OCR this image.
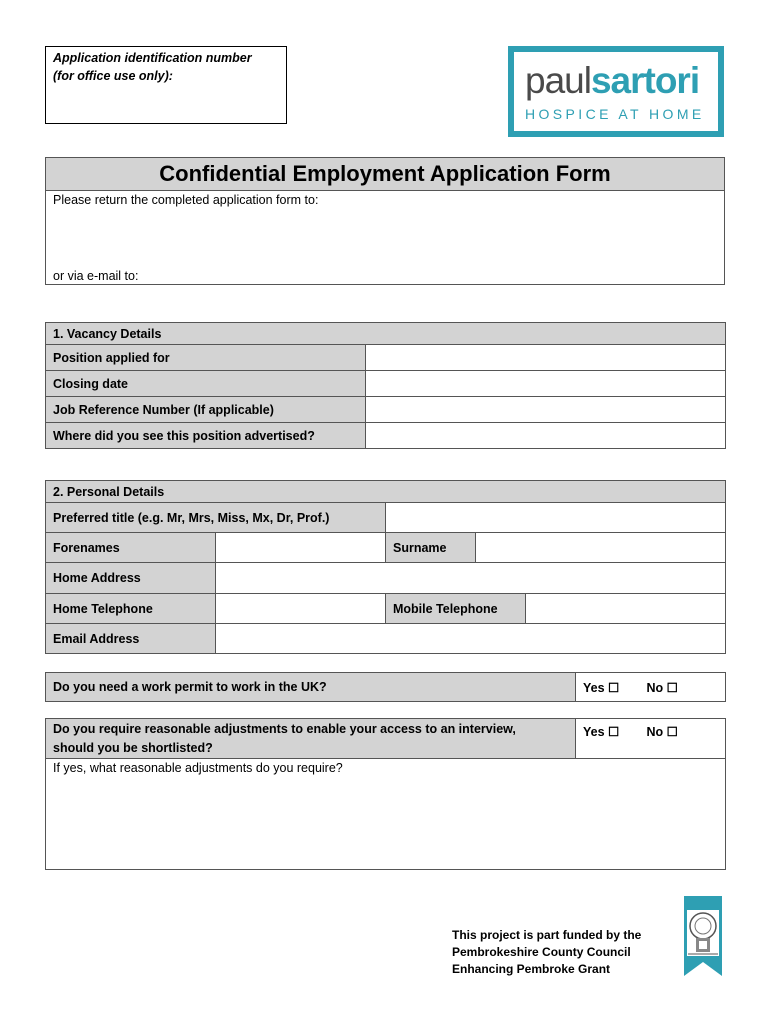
Application identification number
(for office use only):	paulsartori
HOSPICE AT HOME
Confidential Employment Application Form
Please return the completed application form to:
or via e-mail to:
1. Vacancy Details	
Position applied for	
Closing date	
Job Reference Number (If applicable)	
Where did you see this position advertised?	
2. Personal Details				
Preferred title (e.g. Mr, Mrs, Miss, Mx, Dr, Prof.)				
Forenames		Surname		
Home Address				
Home Telephone		Mobile Telephone		
Email Address				
Do you need a work permit to work in the UK?	Yes ☐ No ☐
Do you require reasonable adjustments to enable your access to an interview,
should you be shortlisted?
	Yes ☐ No ☐
If yes, what reasonable adjustments do you require?
This project is part funded by the
Pembrokeshire County Council
Enhancing Pembroke Grant
